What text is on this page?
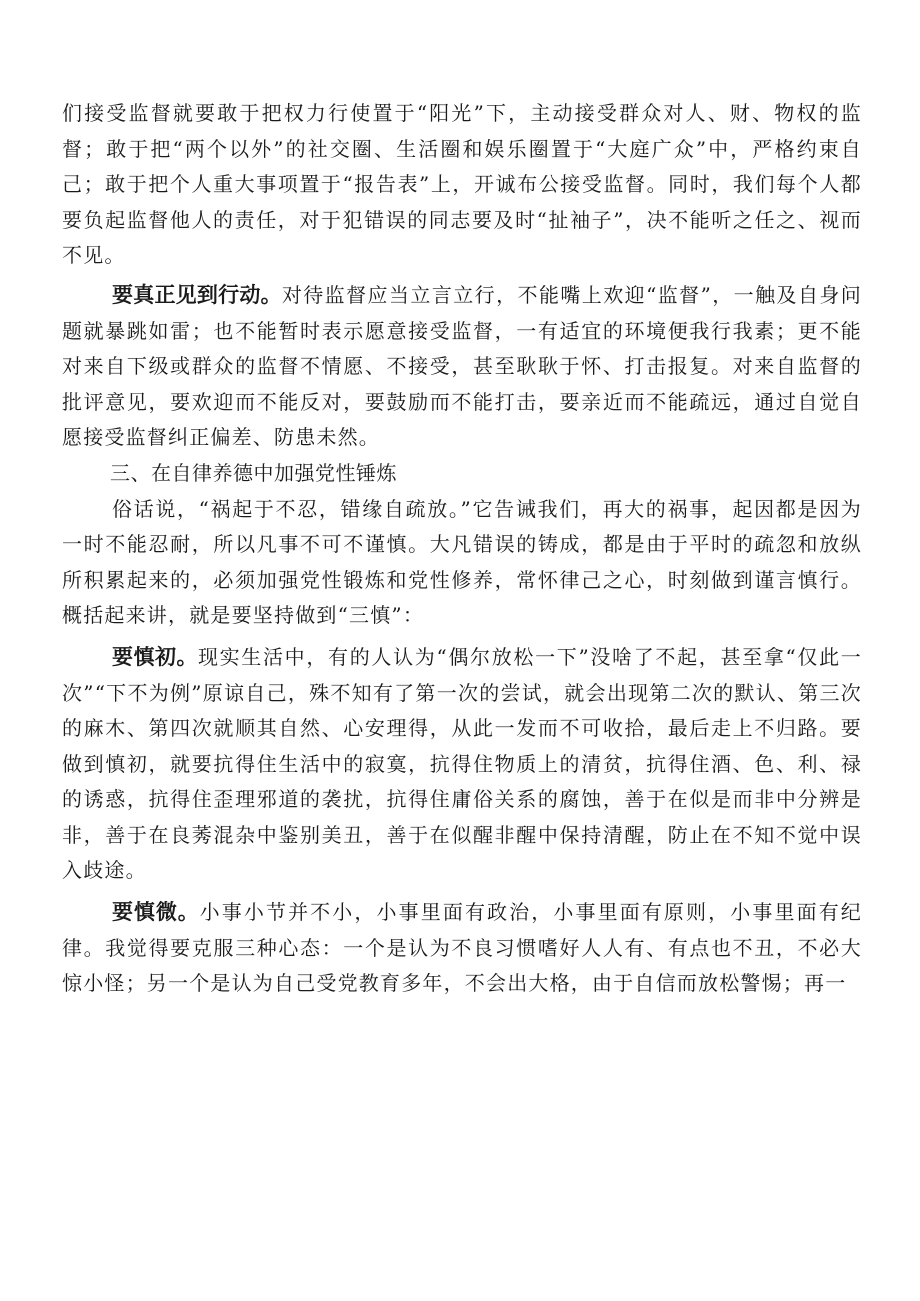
们接受监督就要敢于把权力行使置于“阳光”下，主动接受群众对人、财、物权的监督；敢于把“两个以外”的社交圈、生活圈和娱乐圈置于“大庭广众”中，严格约束自己；敢于把个人重大事项置于“报告表”上，开诚布公接受监督。同时，我们每个人都要负起监督他人的责任，对于犯错误的同志要及时“扯袖子”，决不能听之任之、视而不见。

要真正见到行动。对待监督应当立言立行，不能嘴上欢迎“监督”，一触及自身问题就暴跳如雷；也不能暂时表示愿意接受监督，一有适宜的环境便我行我素；更不能对来自下级或群众的监督不情愿、不接受，甚至耿耿于怀、打击报复。对来自监督的批评意见，要欢迎而不能反对，要鼓励而不能打击，要亲近而不能疏远，通过自觉自愿接受监督纠正偏差、防患未然。

三、在自律养德中加强党性锤炼

俗话说，“祸起于不忍，错缘自疏放。”它告诫我们，再大的祸事，起因都是因为一时不能忍耐，所以凡事不可不谨慎。大凡错误的铸成，都是由于平时的疏忽和放纵所积累起来的，必须加强党性锻炼和党性修养，常怀律己之心，时刻做到谨言慎行。概括起来讲，就是要坚持做到“三慎”：

要慎初。现实生活中，有的人认为“偶尔放松一下”没啥了不起，甚至拿“仅此一次”“下不为例”原谅自己，殊不知有了第一次的尝试，就会出现第二次的默认、第三次的麻木、第四次就顺其自然、心安理得，从此一发而不可收拾，最后走上不归路。要做到慎初，就要抗得住生活中的寂寞，抗得住物质上的清贫，抗得住酒、色、利、禄的诱惑，抗得住歪理邪道的袭扰，抗得住庸俗关系的腐蚀，善于在似是而非中分辨是非，善于在良莠混杂中鉴别美丑，善于在似醒非醒中保持清醒，防止在不知不觉中误入歧途。

要慎微。小事小节并不小，小事里面有政治，小事里面有原则，小事里面有纪律。我觉得要克服三种心态：一个是认为不良习惯嗜好人人有、有点也不丑，不必大惊小怪；另一个是认为自己受党教育多年，不会出大格，由于自信而放松警惕；再一
